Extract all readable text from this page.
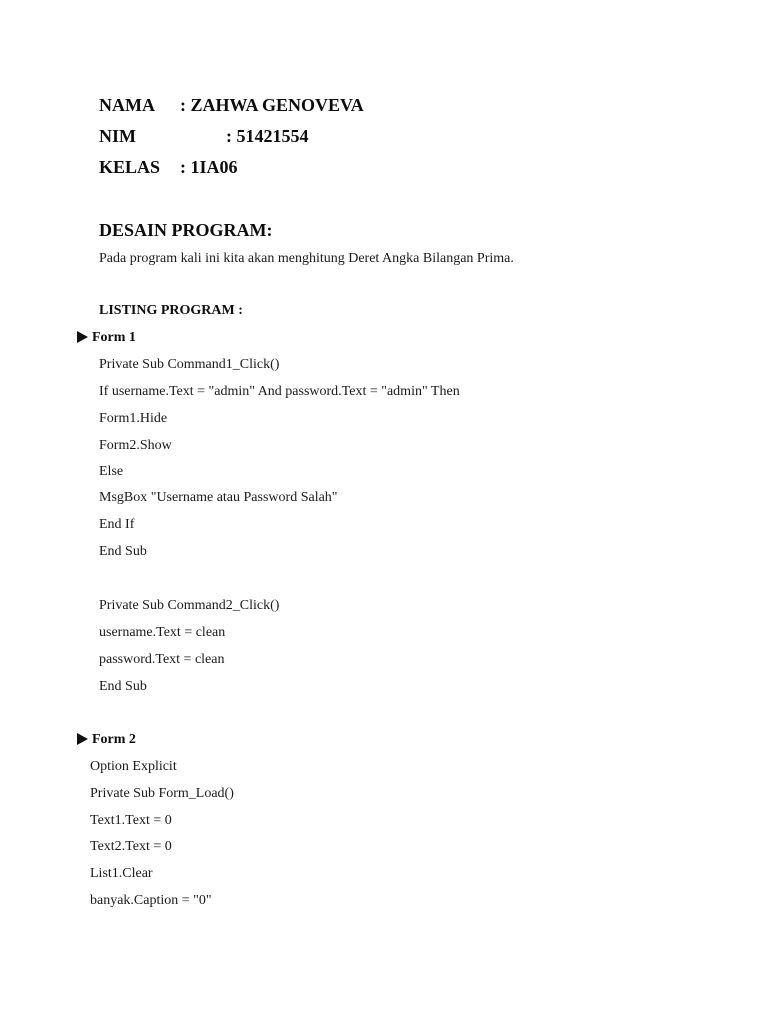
NAMA : ZAHWA GENOVEVA
NIM	: 51421554
KELAS : 1IA06
DESAIN PROGRAM:
Pada program kali ini kita akan menghitung Deret Angka Bilangan Prima.
LISTING PROGRAM :
Form 1
Private Sub Command1_Click()
If username.Text = "admin" And password.Text = "admin" Then
Form1.Hide
Form2.Show
Else
MsgBox "Username atau Password Salah"
End If
End Sub
Private Sub Command2_Click()
username.Text = clean
password.Text = clean
End Sub
Form 2
Option Explicit
Private Sub Form_Load()
Text1.Text = 0
Text2.Text = 0
List1.Clear
banyak.Caption = "0"
